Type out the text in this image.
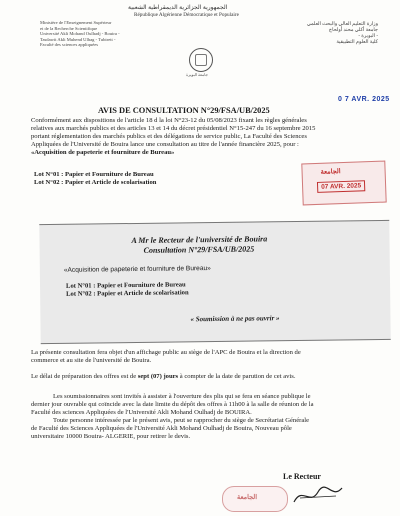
الجمهورية الجزائرية الديمقراطية الشعبية
République Algérienne Démocratique et Populaire
Ministère de l'Enseignement Supérieur
et de la Recherche Scientifique
Université Akli Mohand Oulhadj - Bouira -
Tasdawit Akli Muhend Ulhag - Tubirett -
Faculté des sciences appliquées
جامعة البويرة
وزارة التعليم العالي والبحث العلمي
جامعة أكلي محند أولحاج
- البويرة -
كلية العلوم التطبيقية
0 7 AVR. 2025
AVIS DE CONSULTATION N°29/FSA/UB/2025
Conformément aux dispositions de l'article 18 d la loi N°23-12 du 05/08/2023 fixant les règles générales
relatives aux marchés publics et des articles 13 et 14 du décret présidentiel N°15-247 du 16 septembre 2015
portant réglementation des marchés publics et des délégations de service public, La Faculté des Sciences
Appliquées de l'Université de Bouira lance une consultation au titre de l'année financière 2025, pour :
«Acquisition de papeterie et fourniture de Bureau»
الجامعة
07 AVR. 2025
Lot N°01 : Papier et Fourniture de Bureau
Lot N°02 : Papier et Article de scolarisation
A Mr le Recteur de l'université de Bouira
Consultation N°29/FSA/UB/2025
«Acquisition de papeterie et fourniture de Bureau»
Lot N°01 : Papier et Fourniture de Bureau
Lot N°02 : Papier et Article de scolarisation
« Soumission à ne pas ouvrir »
La présente consultation fera objet d'un affichage public au siège de l'APC de Bouira et la direction de
commerce et au site de l'université de Bouira.
Le délai de préparation des offres est de sept (07) jours à compter de la date de parution de cet avis.
Les soumissionnaires sont invités à assister à l'ouverture des plis qui se fera en séance publique le
dernier jour ouvrable qui coïncide avec la date limite du dépôt des offres à 11h00 à la salle de réunion de la
Faculté des sciences Appliquées de l'Université Akli Mohand Oulhadj de BOUIRA.
Toute personne intéressée par le présent avis, peut se rapprocher du siège de Secrétariat Générale
de Faculté des Sciences Appliquées de l'Université Akli Mohand Oulhadj de Bouira, Nouveau pôle
universitaire 10000 Bouira- ALGERIE, pour retirer le devis.
Le Recteur
الجامعة
